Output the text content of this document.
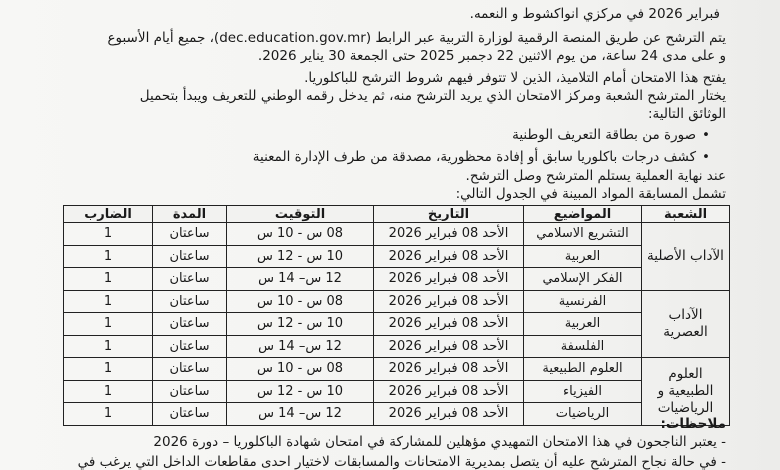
فبراير 2026 في مركزي انواكشوط و النعمه.
يتم الترشح عن طريق المنصة الرقمية لوزارة التربية عبر الرابط (dec.education.gov.mr)، جميع أيام الأسبوع
و على مدى 24 ساعة، من يوم الاثنين 22 دجمبر 2025 حتى الجمعة 30 يناير 2026.
يفتح هذا الامتحان أمام التلاميذ، الذين لا تتوفر فيهم شروط الترشح للباكلوريا.
يختار المترشح الشعبة ومركز الامتحان الذي يريد الترشح منه، ثم يدخل رقمه الوطني للتعريف ويبدأ بتحميل
الوثائق التالية:
•صورة من بطاقة التعريف الوطنية
•كشف درجات باكلوريا سابق أو إفادة محظورية، مصدقة من طرف الإدارة المعنية
عند نهاية العملية يستلم المترشح وصل الترشح.
تشمل المسابقة المواد المبينة في الجدول التالي:
الشعبة	المواضيع	التاريخ	التوقيت	المدة	الضارب
الآداب الأصلية	التشريع الاسلامي	الأحد 08 فبراير 2026	08 س - 10 س	ساعتان	1
	العربية	الأحد 08 فبراير 2026	10 س - 12 س	ساعتان	1
	الفكر الإسلامي	الأحد 08 فبراير 2026	12 س– 14 س	ساعتان	1
الآداب العصرية	الفرنسية	الأحد 08 فبراير 2026	08 س - 10 س	ساعتان	1
	العربية	الأحد 08 فبراير 2026	10 س - 12 س	ساعتان	1
	الفلسفة	الأحد 08 فبراير 2026	12 س– 14 س	ساعتان	1
العلوم الطبيعية و الرياضيات	العلوم الطبيعية	الأحد 08 فبراير 2026	08 س - 10 س	ساعتان	1
	الفيزياء	الأحد 08 فبراير 2026	10 س - 12 س	ساعتان	1
	الرياضيات	الأحد 08 فبراير 2026	12 س– 14 س	ساعتان	1
ملاحظات:
- يعتبر الناجحون في هذا الامتحان التمهيدي مؤهلين للمشاركة في امتحان شهادة الباكلوريا – دورة 2026
- في حالة نجاح المترشح عليه أن يتصل بمديرية الامتحانات والمسابقات لاختيار احدى مقاطعات الداخل التي يرغب في
